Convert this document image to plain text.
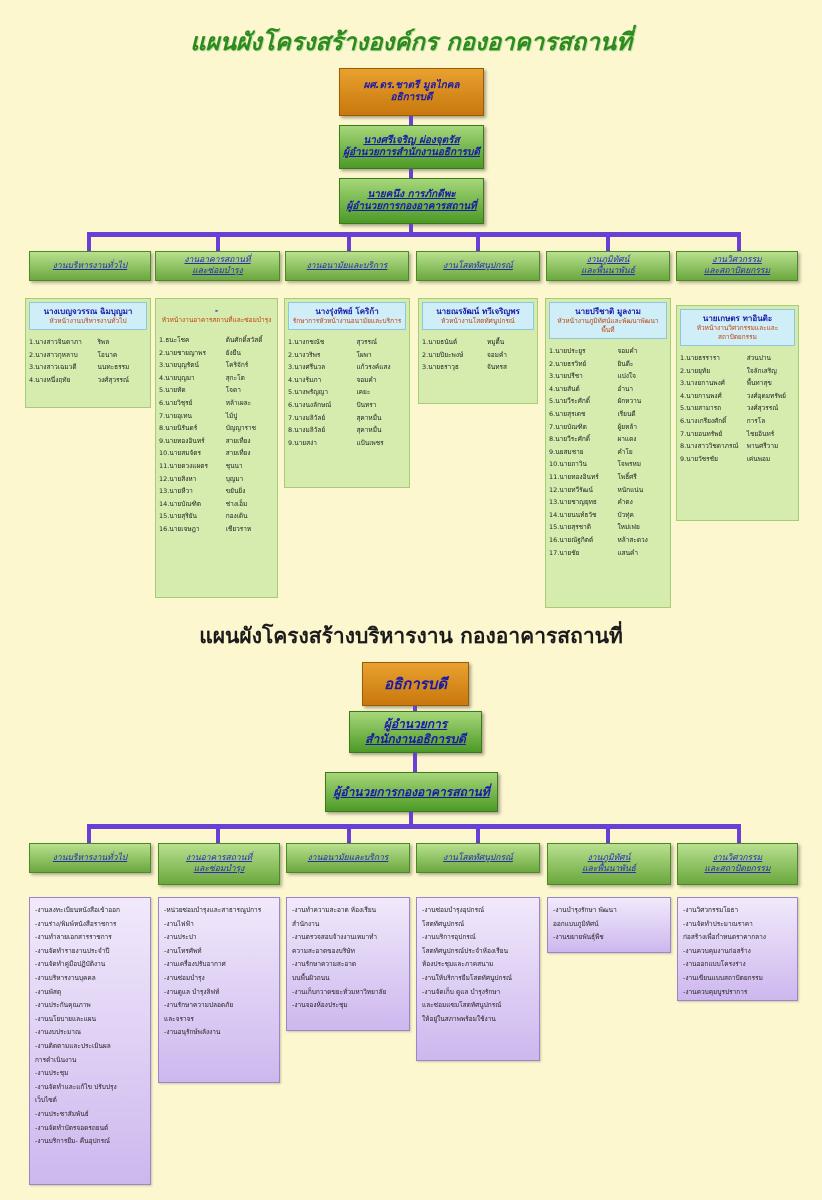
แผนผังโครงสร้างองค์กร กองอาคารสถานที่
ผศ.ดร.ชาตรี มูลไกคล
อธิการบดี
นางศรีเจริญ ผ่องจุตรัส
ผู้อำนวยการสำนักงานอธิการบดี
นายคนึง การภักดีพะ
ผู้อำนวยการกองอาคารสถานที่
งานบริหารงานทั่วไป
งานอาคารสถานที่
และซ่อมบำรุง
งานอนามัยและบริการ	งานโสตทัศนูปกรณ์
งานภูมิทัศน์
และพื้นนาพันธ์
งานวิศวกรรม
และสถาปัตยกรรม
นางเบญจวรรณ ฉิมบุญมา
หัวหน้างานบริหารงานทั่วไป
1.นางสาวจินดาภา	ริพล
2.นางสาวกุหลาบ	โอนาค
3.นางสาวเฉมวดี	นนทะธรรม
4.นางหนึ่งฤทัย	วงศ์สุวรรณ์
-
หัวหน้างานอาคารสถานที่และซ่อมบำรุง
1.ธนะโชค	ต้นศักดิ์สวัสดิ์
2.นายชายญาพร	ยังยืน
3.นายบุญรัตน์	โคริจักร์
4.นายบุญมา	สุกะโต
5.นายทัด	โจดา
6.นายวิชุรย์	หล้าเผละ
7.นายอุเทน	ไม้ปู
8.นายนิรันดร์	บัญญาราช
9.นายทองอินทร์	สายเที่ยง
10.นายสมจัตร	สายเที่ยง
11.นายดวงแผตร	ชุนนา
12.นายสิงหา	บุญมา
13.นายหีวา	ขยันยิ่ง
14.นายบัณฑิต	ช่างเอ็ม
15.นายสุริยัน	กองเดิน
16.นายเจษฎา	เชียวราห
นางรุ่งทิพย์ โคริก้า
รักษาการหัวหน้างานอนามัยและบริการ
1.นางกชณัช	สุวรรณ์
2.นางวริพร	โผพา
3.นางศรีนวล	แก้วรงค์แสง
4.นางร้มภา	จอมคำ
5.นางพรัญญา	เคยะ
6.นางนงลักษณ์	ปันทรา
7.นางมลิวัลย์	สุคาหมื่น
8.นางมลิวัลย์	สุคาหมื่น
9.นายสง่า	แป้นเพชร
นายณรงัฒน์ ทวีเจริญพร
หัวหน้างานโสตทัศนูปกรณ์
1.นายธนันต์	หมูตื้น
2.นายปิยะพงษ์	จอมคำ
3.นายธราวุธ	จันทรส
นายปรีชาติ มูลงาม
หัวหน้างานภูมิทัศน์และพัฒนาพัฒนาพื้นที่
1.นายประยูร	จอมคำ
2.นายธรวิทย์	ยินดีะ
3.นายปรีชา	แปงใจ
4.นายสันต์	อำนา
5.นายวีระศักดิ์	ผักหวาน
6.นายสุรเดช	เรียนดี
7.นายบัณฑิต	ผู้ยหล้า
8.นายวีระศักดิ์	ผาแดง
9.นยสมชาย	คำโย
10.นายถาวิน	โจพรหม
11.นายทองอินทร์	โพธิ์ศรี
12.นายทวีรัฒน์	หนักแน่น
13.นายชาญยุทธ	คำดง
14.นายนนท์ธวัช	บัวทุ่ค
15.นายสุรชาติ	ใหม่เฟย
16.นายณัฐกิตต์	หล้าสะดวง
17.นายชัย	แสนคำ
นายเกษตร ทาอินติะ
หัวหน้างานวิศวกรรมและและสถาปัตยกรรม
1.นายธรรารา	ส่วนปาน
2.นายยุทัย	ใจลักเสริญ
3.นางยกานพงศ์	พื้นทาสุข
4.นายกานพงศ์	วงศ์อุดมทรัพย์
5.นายสามารถ	วงศ์สุวรรณ์
6.นางเกรียงศักดิ์	การโล
7.นายอนทรัพย์	ไชยอินทร์
8.นางสาววิชดาภรณ์	พานศรีวาม
9.นายวัชรชัย	เค่นพอม
แผนผังโครงสร้างบริหารงาน กองอาคารสถานที่
อธิการบดี
ผู้อำนวยการ
สำนักงานอธิการบดี
ผู้อำนวยการกองอาคารสถานที่
งานบริหารงานทั่วไป	งานอาคารสถานที่
และซ่อมบำรุง
งานอนามัยและบริการ	งานโสตทัศนูปกรณ์	งานภูมิทัศน์
และพื้นนาพันธ์
งานวิศวกรรม
และสถาปัตยกรรม
-งานลงทะเบียนหนังสือเข้าออก
-งานร่าง/พิมพ์หนังสือราชการ
-งานทำลายเอกสารราชการ
-งานจัดทำรายงานประจำปี
-งานจัดทำคู่มือปฏิบัติงาน
-งานบริหารงานบุคคล
-งานพัสดุ
-งานประกันคุณภาพ
-งานนโยบายและแผน
-งานงบประมาณ
-งานติดตามและประเมินผล
การดำเนินงาน
-งานประชุม
-งานจัดทำและแก้ไข ปรับปรุง
เว็บไซต์
-งานประชาสัมพันธ์
-งานจัดทำบัตรจอดรถยนต์
-งานบริการยืม- คืนอุปกรณ์
-หน่วยซ่อมบำรุงและสาธารณูปการ
-งานไฟฟ้า
-งานประปา
-งานโทรศัพท์
-งานเครื่องปรับอากาศ
-งานซ่อมบำรุง
-งานดูแล บำรุงลิฟท์
-งานรักษาความปลอดภัย
และจราจร
-งานอนุรักษ์พลังงาน
-งานทำความสะอาด ห้องเรียน
สำนักงาน
-งานตรวจสอบจ้างงานเหมาทำ
ความสะอาดของบริษัท
-งานรักษาความสะอาด
บนพื้นผิวถนน
-งานเก็บกวาดขยะทั่วมหาวิทยาลัย
-งานจองห้องประชุม
-งานซ่อมบำรุงอุปกรณ์
โสตทัศนูปกรณ์
-งานบริการอุปกรณ์
โสตทัศนูปกรณ์ประจำห้องเรียน
ห้องประชุมและภาคสนาม
-งานให้บริการยืมโสตทัศนูปกรณ์
-งานจัดเก็บ ดูแล บำรุงรักษา
และซ่อมแซมโสตทัศนูปกรณ์
ให้อยู่ในสภาพพร้อมใช้งาน
-งานบำรุงรักษา พัฒนา
ออกแบบภูมิทัศน์
-งานขยายพันธุ์พืช
-งานวิศวกรรมโยธา
-งานจัดทำประมาณราคา
ก่อสร้างเพื่อกำหนดราคากลาง
-งานควบคุมงานก่อสร้าง
-งานออกแบบโครงร่าง
-งานเขียนแบบสถาปัตยกรรม
-งานควบคุมบูรปราการ
